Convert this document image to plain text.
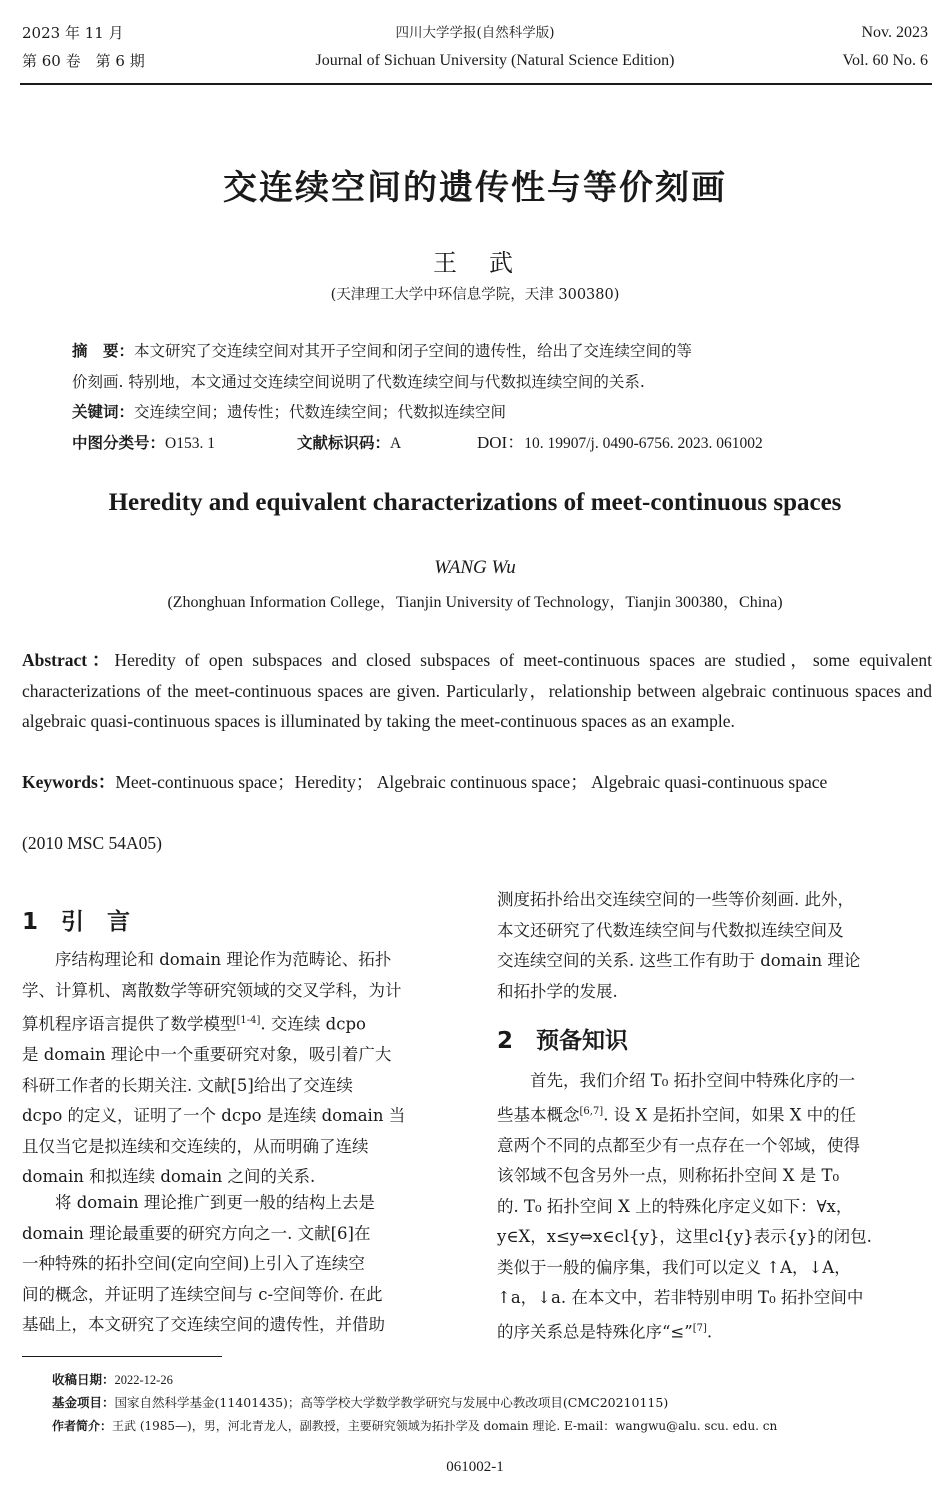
2023 年 11 月
第 60 卷　第 6 期
四川大学学报(自然科学版)
Journal of Sichuan University (Natural Science Edition)
Nov. 2023
Vol. 60 No. 6
交连续空间的遗传性与等价刻画
王　武
(天津理工大学中环信息学院，天津 300380)
摘　要：本文研究了交连续空间对其开子空间和闭子空间的遗传性，给出了交连续空间的等
价刻画. 特别地，本文通过交连续空间说明了代数连续空间与代数拟连续空间的关系.
关键词：交连续空间；遗传性；代数连续空间；代数拟连续空间
中图分类号：O153. 1	文献标识码：A	DOI：10. 19907/j. 0490-6756. 2023. 061002
Heredity and equivalent characterizations of meet-continuous spaces
WANG Wu
(Zhonghuan Information College，Tianjin University of Technology，Tianjin 300380，China)
Abstract：Heredity of open subspaces and closed subspaces of meet-continuous spaces are studied，some equivalent characterizations of the meet-continuous spaces are given. Particularly，relationship between algebraic continuous spaces and algebraic quasi-continuous spaces is illuminated by taking the meet-continuous spaces as an example.
Keywords：Meet-continuous space；Heredity； Algebraic continuous space； Algebraic quasi-continuous space
(2010 MSC 54A05)
1　引　言
　　序结构理论和 domain 理论作为范畴论、拓扑
学、计算机、离散数学等研究领域的交叉学科，为计
算机程序语言提供了数学模型[1-4]. 交连续 dcpo
是 domain 理论中一个重要研究对象，吸引着广大
科研工作者的长期关注. 文献[5]给出了交连续
dcpo 的定义，证明了一个 dcpo 是连续 domain 当
且仅当它是拟连续和交连续的，从而明确了连续
domain 和拟连续 domain 之间的关系.
　　将 domain 理论推广到更一般的结构上去是
domain 理论最重要的研究方向之一. 文献[6]在
一种特殊的拓扑空间(定向空间)上引入了连续空
间的概念，并证明了连续空间与 c-空间等价. 在此
基础上，本文研究了交连续空间的遗传性，并借助
测度拓扑给出交连续空间的一些等价刻画. 此外，
本文还研究了代数连续空间与代数拟连续空间及
交连续空间的关系. 这些工作有助于 domain 理论
和拓扑学的发展.
2　预备知识
　　首先，我们介绍 T₀ 拓扑空间中特殊化序的一
些基本概念[6,7]. 设 X 是拓扑空间，如果 X 中的任
意两个不同的点都至少有一点存在一个邻域，使得
该邻域不包含另外一点，则称拓扑空间 X 是 T₀
的. T₀ 拓扑空间 X 上的特殊化序定义如下：∀x，
y∈X，x≤y⇔x∈cl{y}，这里cl{y}表示{y}的闭包.
类似于一般的偏序集，我们可以定义 ↑A，↓A，
↑a，↓a. 在本文中，若非特别申明 T₀ 拓扑空间中
的序关系总是特殊化序“≤”[7].
收稿日期：2022-12-26
基金项目：国家自然科学基金(11401435)；高等学校大学数学教学研究与发展中心教改项目(CMC20210115)
作者简介：王武 (1985—)，男，河北青龙人，副教授，主要研究领域为拓扑学及 domain 理论. E-mail：wangwu@alu. scu. edu. cn
061002-1
